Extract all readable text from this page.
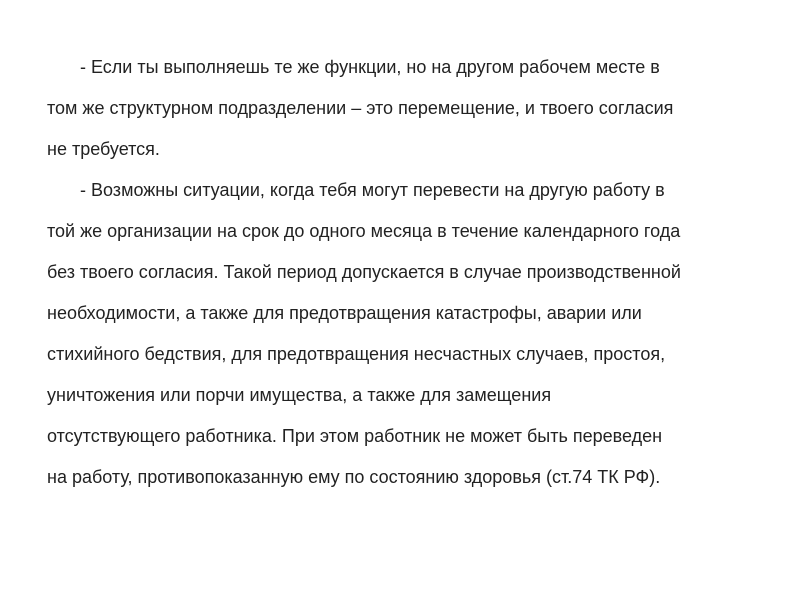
- Если ты выполняешь те же функции, но на другом рабочем месте в
том же структурном подразделении – это перемещение, и твоего согласия
не требуется.

- Возможны ситуации, когда тебя могут перевести на другую работу в
той же организации на срок до одного месяца в течение календарного года
без твоего согласия. Такой период допускается в случае производственной
необходимости, а также для предотвращения катастрофы, аварии или
стихийного бедствия, для предотвращения несчастных случаев, простоя,
уничтожения или порчи имущества, а также для замещения
отсутствующего работника. При этом работник не может быть переведен
на работу, противопоказанную ему по состоянию здоровья (ст.74 ТК РФ).
